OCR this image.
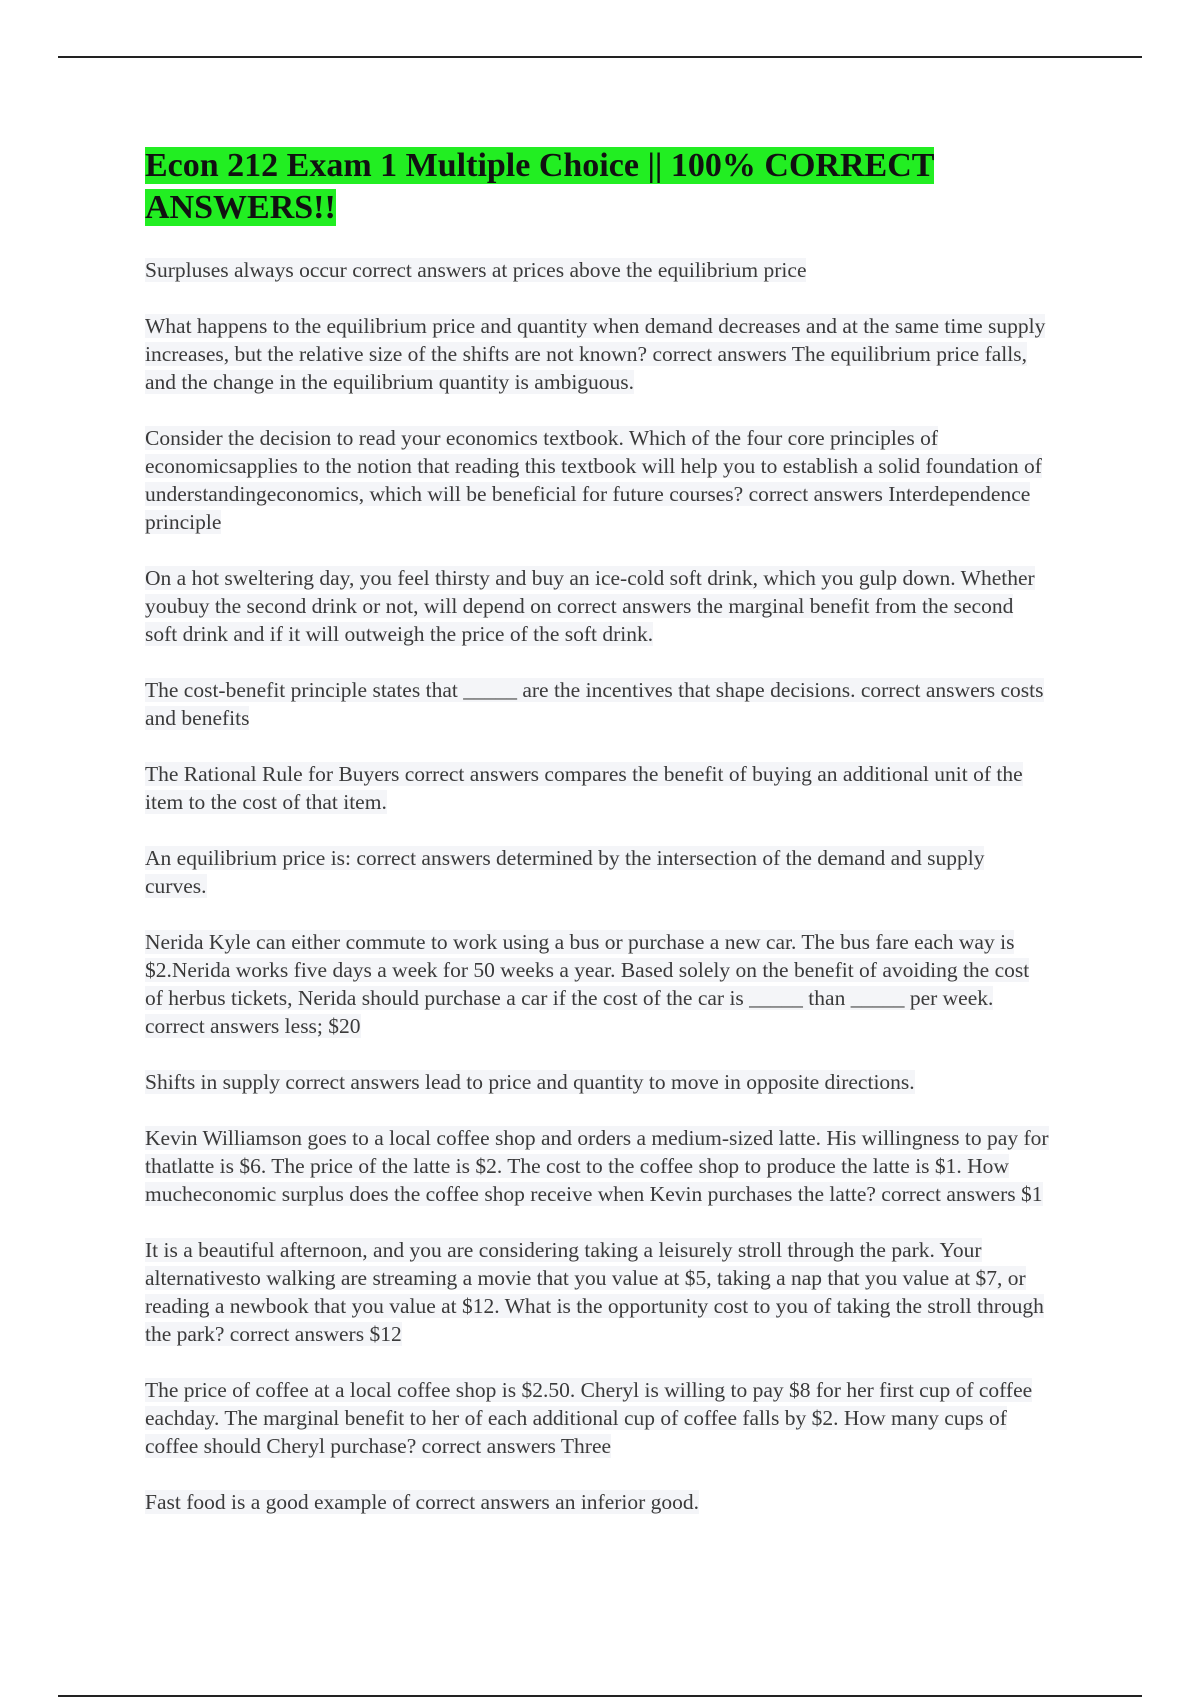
Econ 212 Exam 1 Multiple Choice || 100% CORRECT ANSWERS!!

Surpluses always occur correct answers at prices above the equilibrium price

What happens to the equilibrium price and quantity when demand decreases and at the same time supply increases, but the relative size of the shifts are not known? correct answers The equilibrium price falls, and the change in the equilibrium quantity is ambiguous.

Consider the decision to read your economics textbook. Which of the four core principles of economicsapplies to the notion that reading this textbook will help you to establish a solid foundation of understandingeconomics, which will be beneficial for future courses? correct answers Interdependence principle

On a hot sweltering day, you feel thirsty and buy an ice-cold soft drink, which you gulp down. Whether youbuy the second drink or not, will depend on correct answers the marginal benefit from the second soft drink and if it will outweigh the price of the soft drink.

The cost-benefit principle states that _____ are the incentives that shape decisions. correct answers costs and benefits

The Rational Rule for Buyers correct answers compares the benefit of buying an additional unit of the item to the cost of that item.

An equilibrium price is: correct answers determined by the intersection of the demand and supply curves.

Nerida Kyle can either commute to work using a bus or purchase a new car. The bus fare each way is $2.Nerida works five days a week for 50 weeks a year. Based solely on the benefit of avoiding the cost of herbus tickets, Nerida should purchase a car if the cost of the car is _____ than _____ per week. correct answers less; $20

Shifts in supply correct answers lead to price and quantity to move in opposite directions.

Kevin Williamson goes to a local coffee shop and orders a medium-sized latte. His willingness to pay for thatlatte is $6. The price of the latte is $2. The cost to the coffee shop to produce the latte is $1. How mucheconomic surplus does the coffee shop receive when Kevin purchases the latte? correct answers $1

It is a beautiful afternoon, and you are considering taking a leisurely stroll through the park. Your alternativesto walking are streaming a movie that you value at $5, taking a nap that you value at $7, or reading a newbook that you value at $12. What is the opportunity cost to you of taking the stroll through the park? correct answers $12

The price of coffee at a local coffee shop is $2.50. Cheryl is willing to pay $8 for her first cup of coffee eachday. The marginal benefit to her of each additional cup of coffee falls by $2. How many cups of coffee should Cheryl purchase? correct answers Three

Fast food is a good example of correct answers an inferior good.
